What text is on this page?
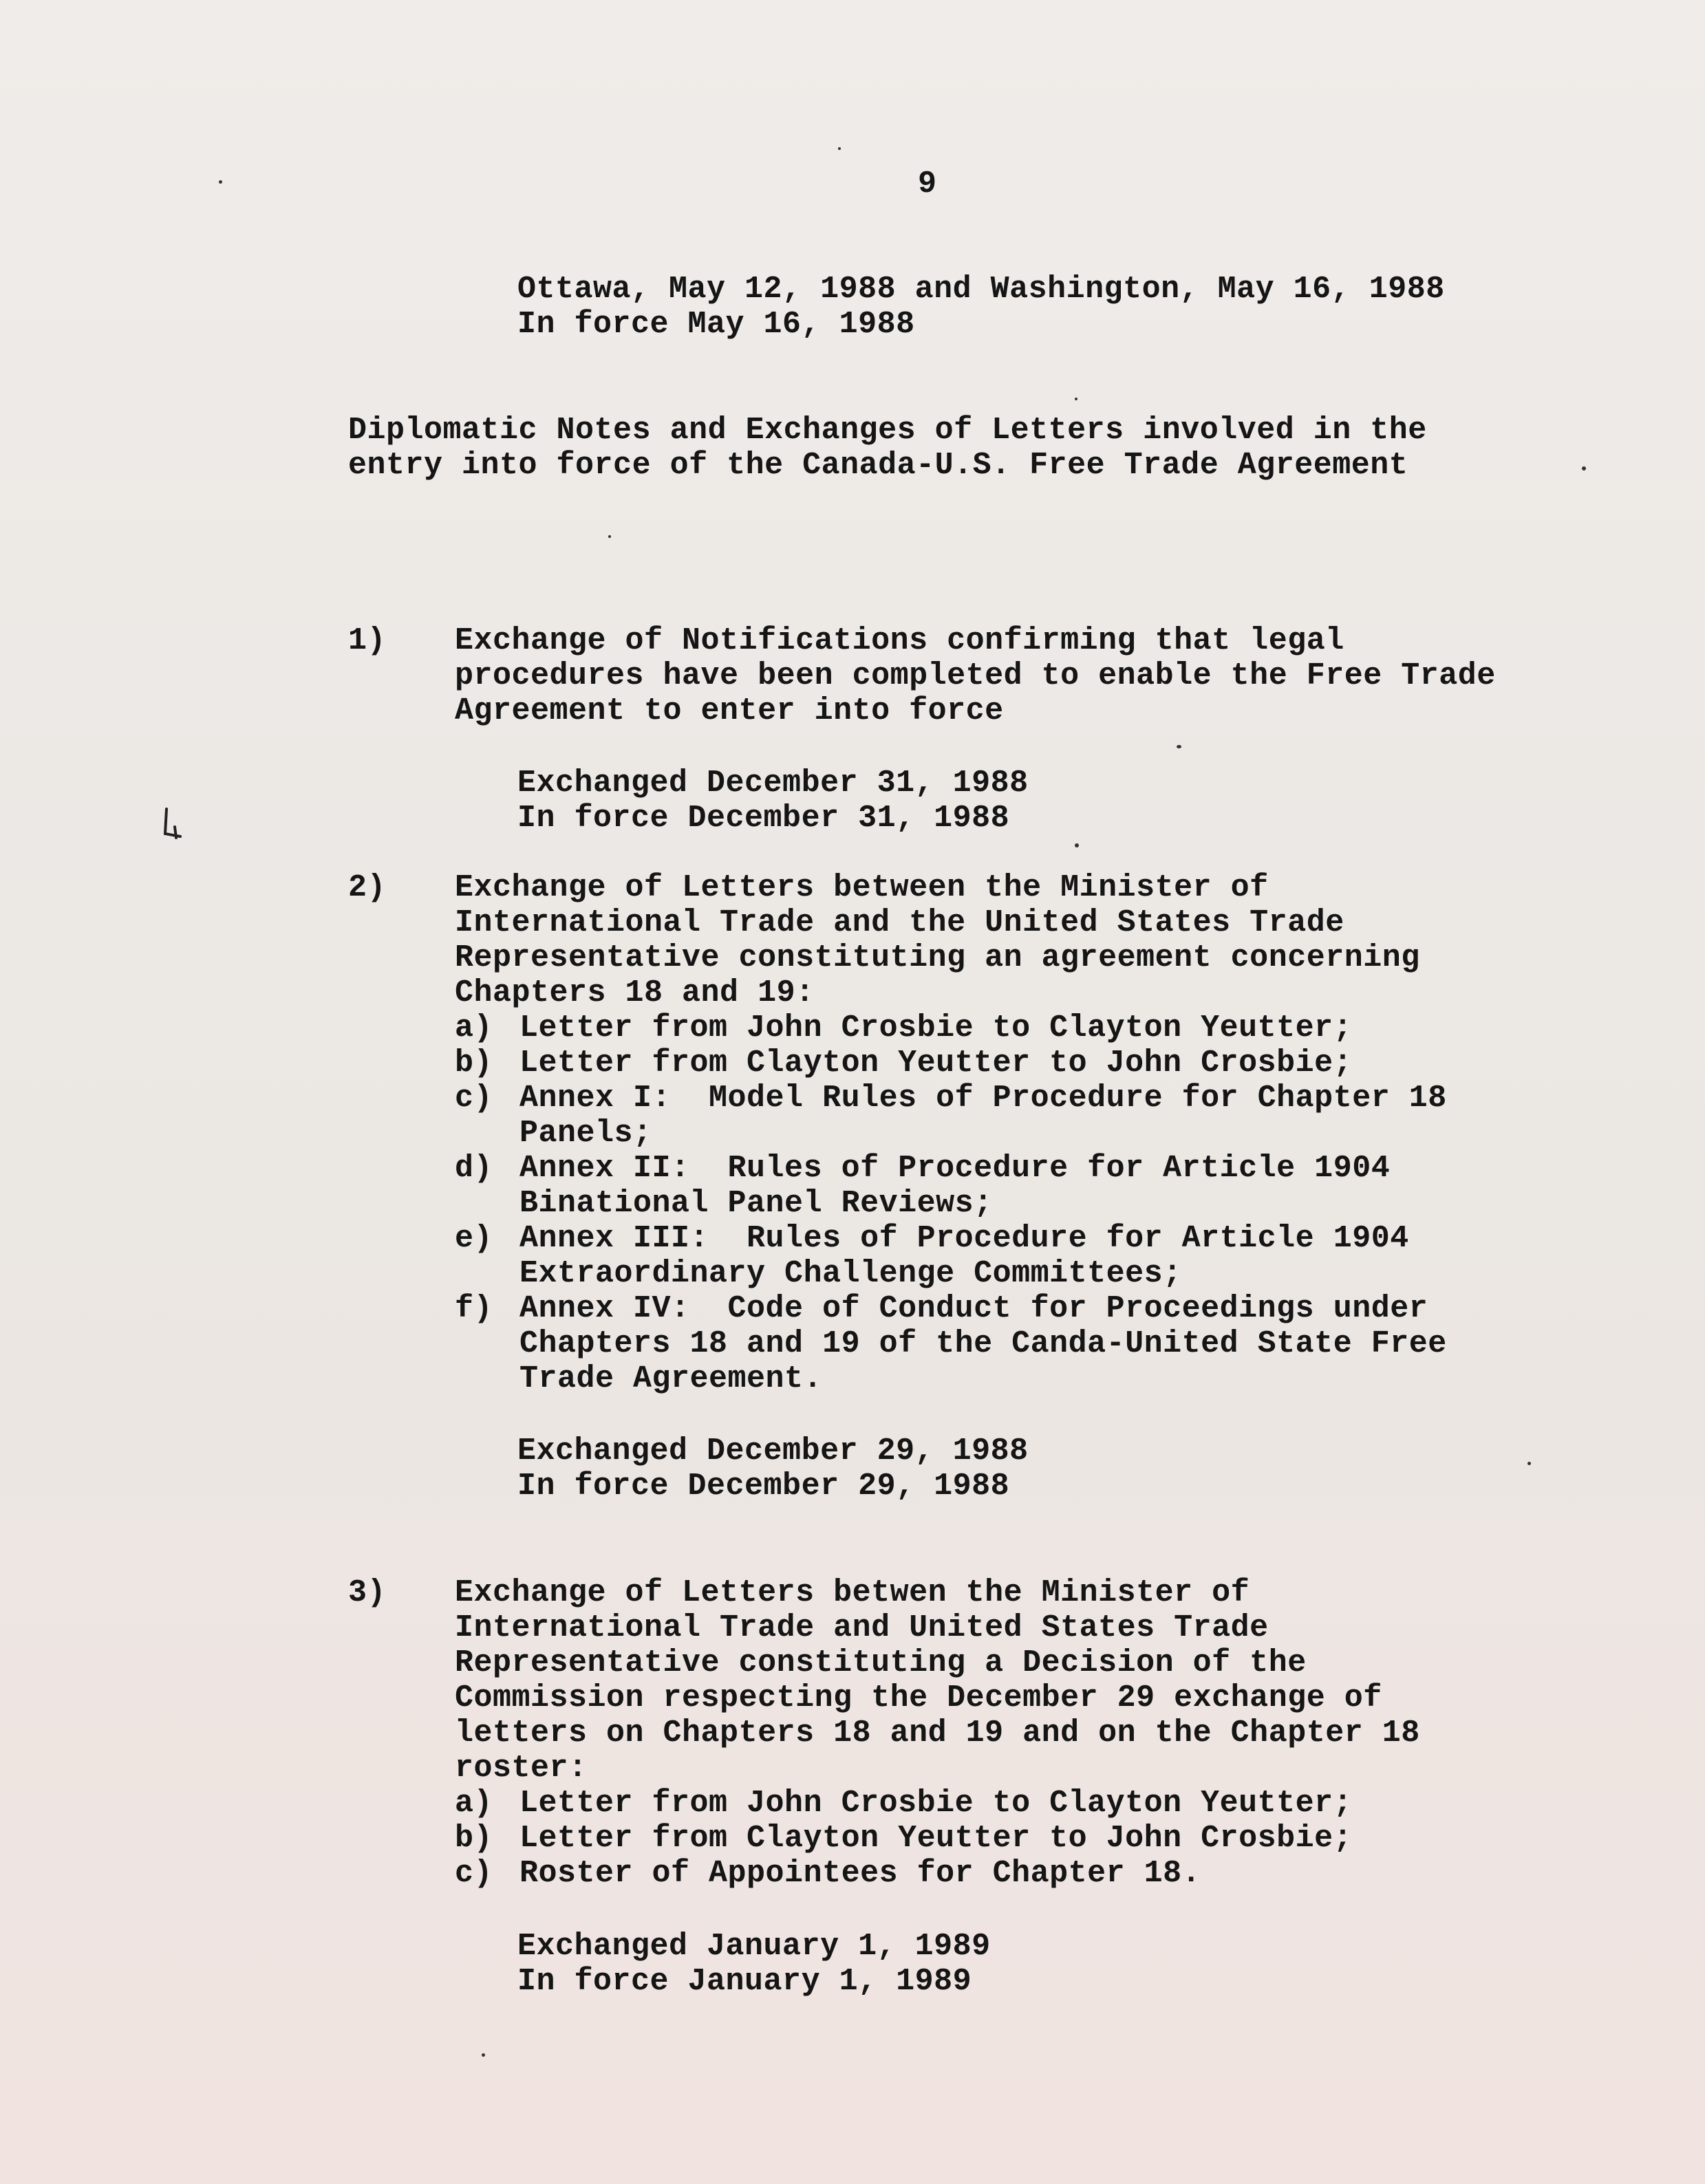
9
Ottawa, May 12, 1988 and Washington, May 16, 1988
In force May 16, 1988
Diplomatic Notes and Exchanges of Letters involved in the
entry into force of the Canada-U.S. Free Trade Agreement

1)

Exchange of Notifications confirming that legal
procedures have been completed to enable the Free Trade
Agreement to enter into force

Exchanged December 31, 1988
In force December 31, 1988

2)

Exchange of Letters between the Minister of
International Trade and the United States Trade
Representative constituting an agreement concerning
Chapters 18 and 19:
a) Letter from John Crosbie to Clayton Yeutter;
b) Letter from Clayton Yeutter to John Crosbie;
c) Annex I:  Model Rules of Procedure for Chapter 18
Panels;
d) Annex II:  Rules of Procedure for Article 1904
Binational Panel Reviews;
e) Annex III:  Rules of Procedure for Article 1904
Extraordinary Challenge Committees;
f) Annex IV:  Code of Conduct for Proceedings under
Chapters 18 and 19 of the Canda-United State Free
Trade Agreement.

Exchanged December 29, 1988
In force December 29, 1988

3)

Exchange of Letters betwen the Minister of
International Trade and United States Trade
Representative constituting a Decision of the
Commission respecting the December 29 exchange of
letters on Chapters 18 and 19 and on the Chapter 18
roster:
a) Letter from John Crosbie to Clayton Yeutter;
b) Letter from Clayton Yeutter to John Crosbie;
c) Roster of Appointees for Chapter 18.

Exchanged January 1, 1989
In force January 1, 1989
